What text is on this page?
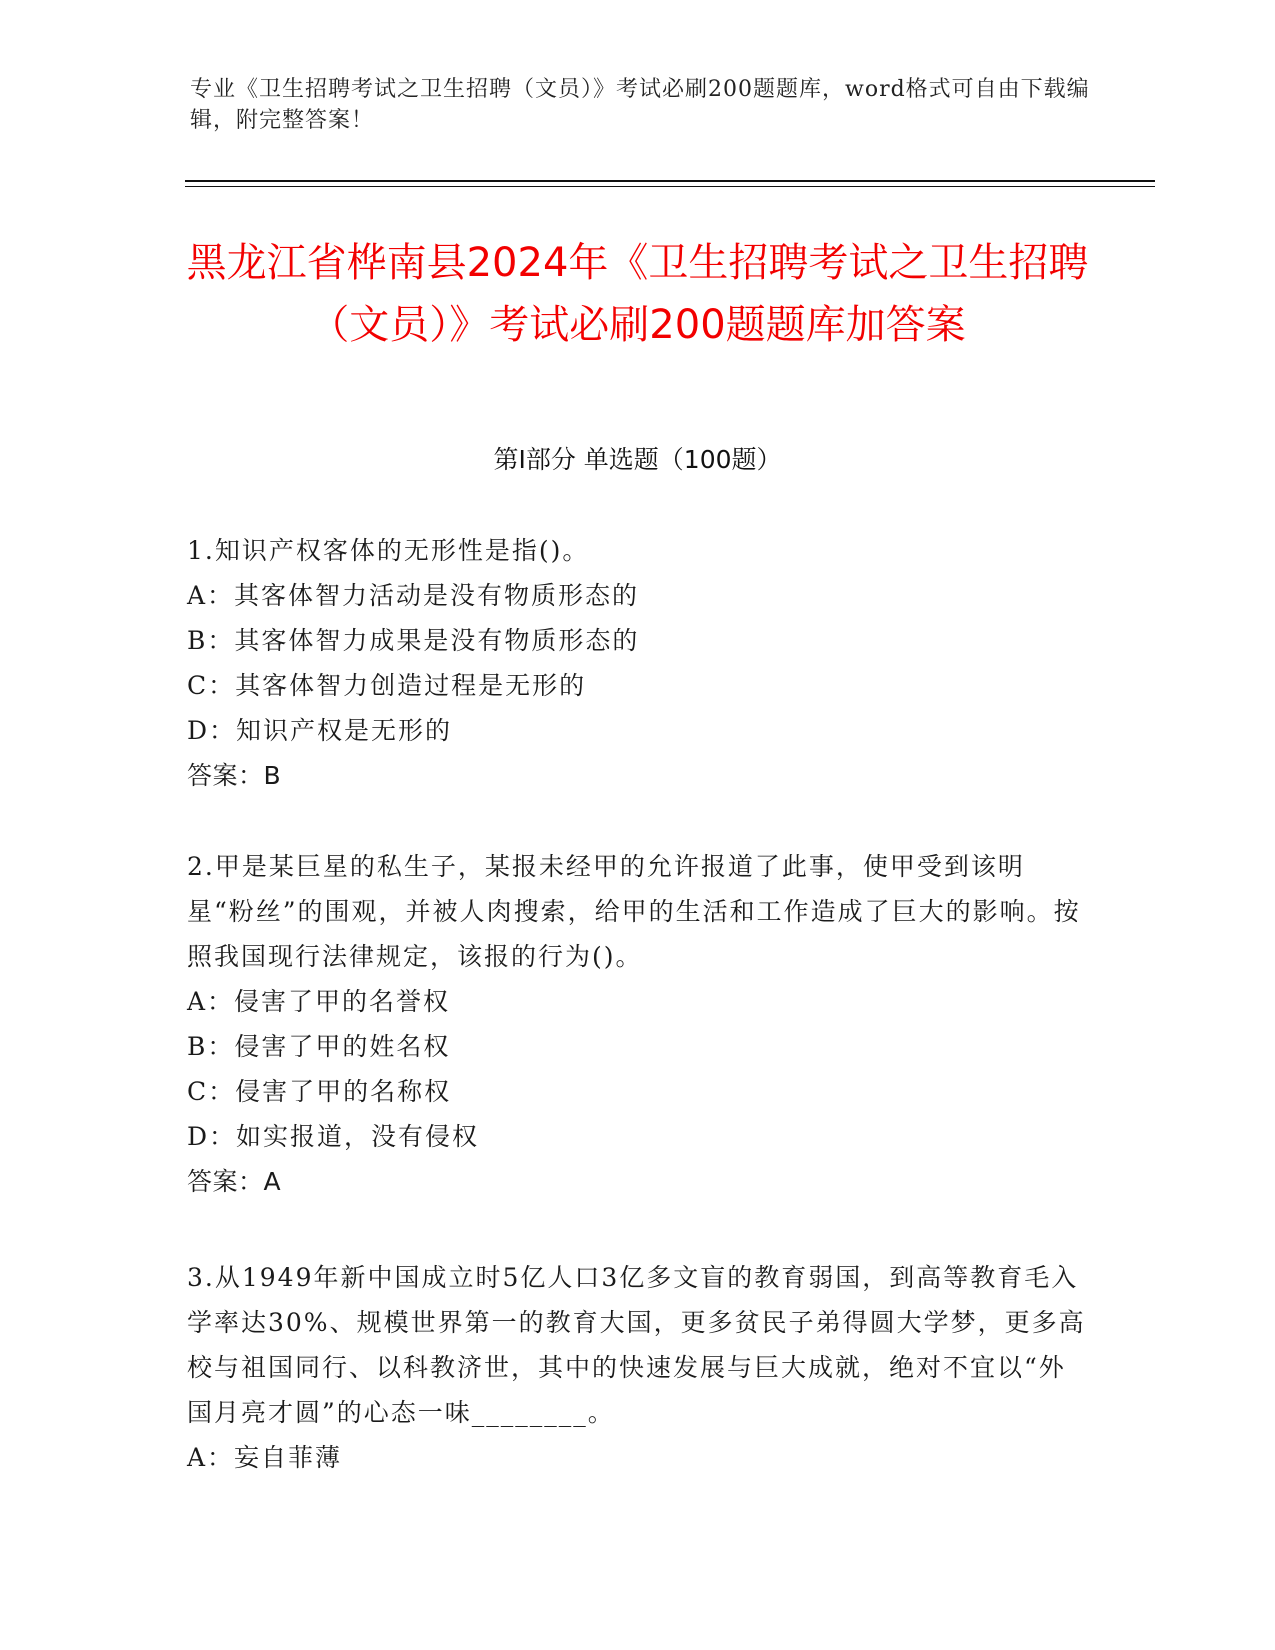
专业《卫生招聘考试之卫生招聘（文员）》考试必刷200题题库，word格式可自由下载编辑，附完整答案！
黑龙江省桦南县2024年《卫生招聘考试之卫生招聘（文员）》考试必刷200题题库加答案
第Ⅰ部分 单选题（100题）

1.知识产权客体的无形性是指()。

A：其客体智力活动是没有物质形态的

B：其客体智力成果是没有物质形态的

C：其客体智力创造过程是无形的

D：知识产权是无形的

答案：B

2.甲是某巨星的私生子，某报未经甲的允许报道了此事，使甲受到该明星“粉丝”的围观，并被人肉搜索，给甲的生活和工作造成了巨大的影响。按照我国现行法律规定，该报的行为()。

A：侵害了甲的名誉权

B：侵害了甲的姓名权

C：侵害了甲的名称权

D：如实报道，没有侵权

答案：A

3.从1949年新中国成立时5亿人口3亿多文盲的教育弱国，到高等教育毛入学率达30%、规模世界第一的教育大国，更多贫民子弟得圆大学梦，更多高校与祖国同行、以科教济世，其中的快速发展与巨大成就，绝对不宜以“外国月亮才圆”的心态一味________。

A：妄自菲薄
